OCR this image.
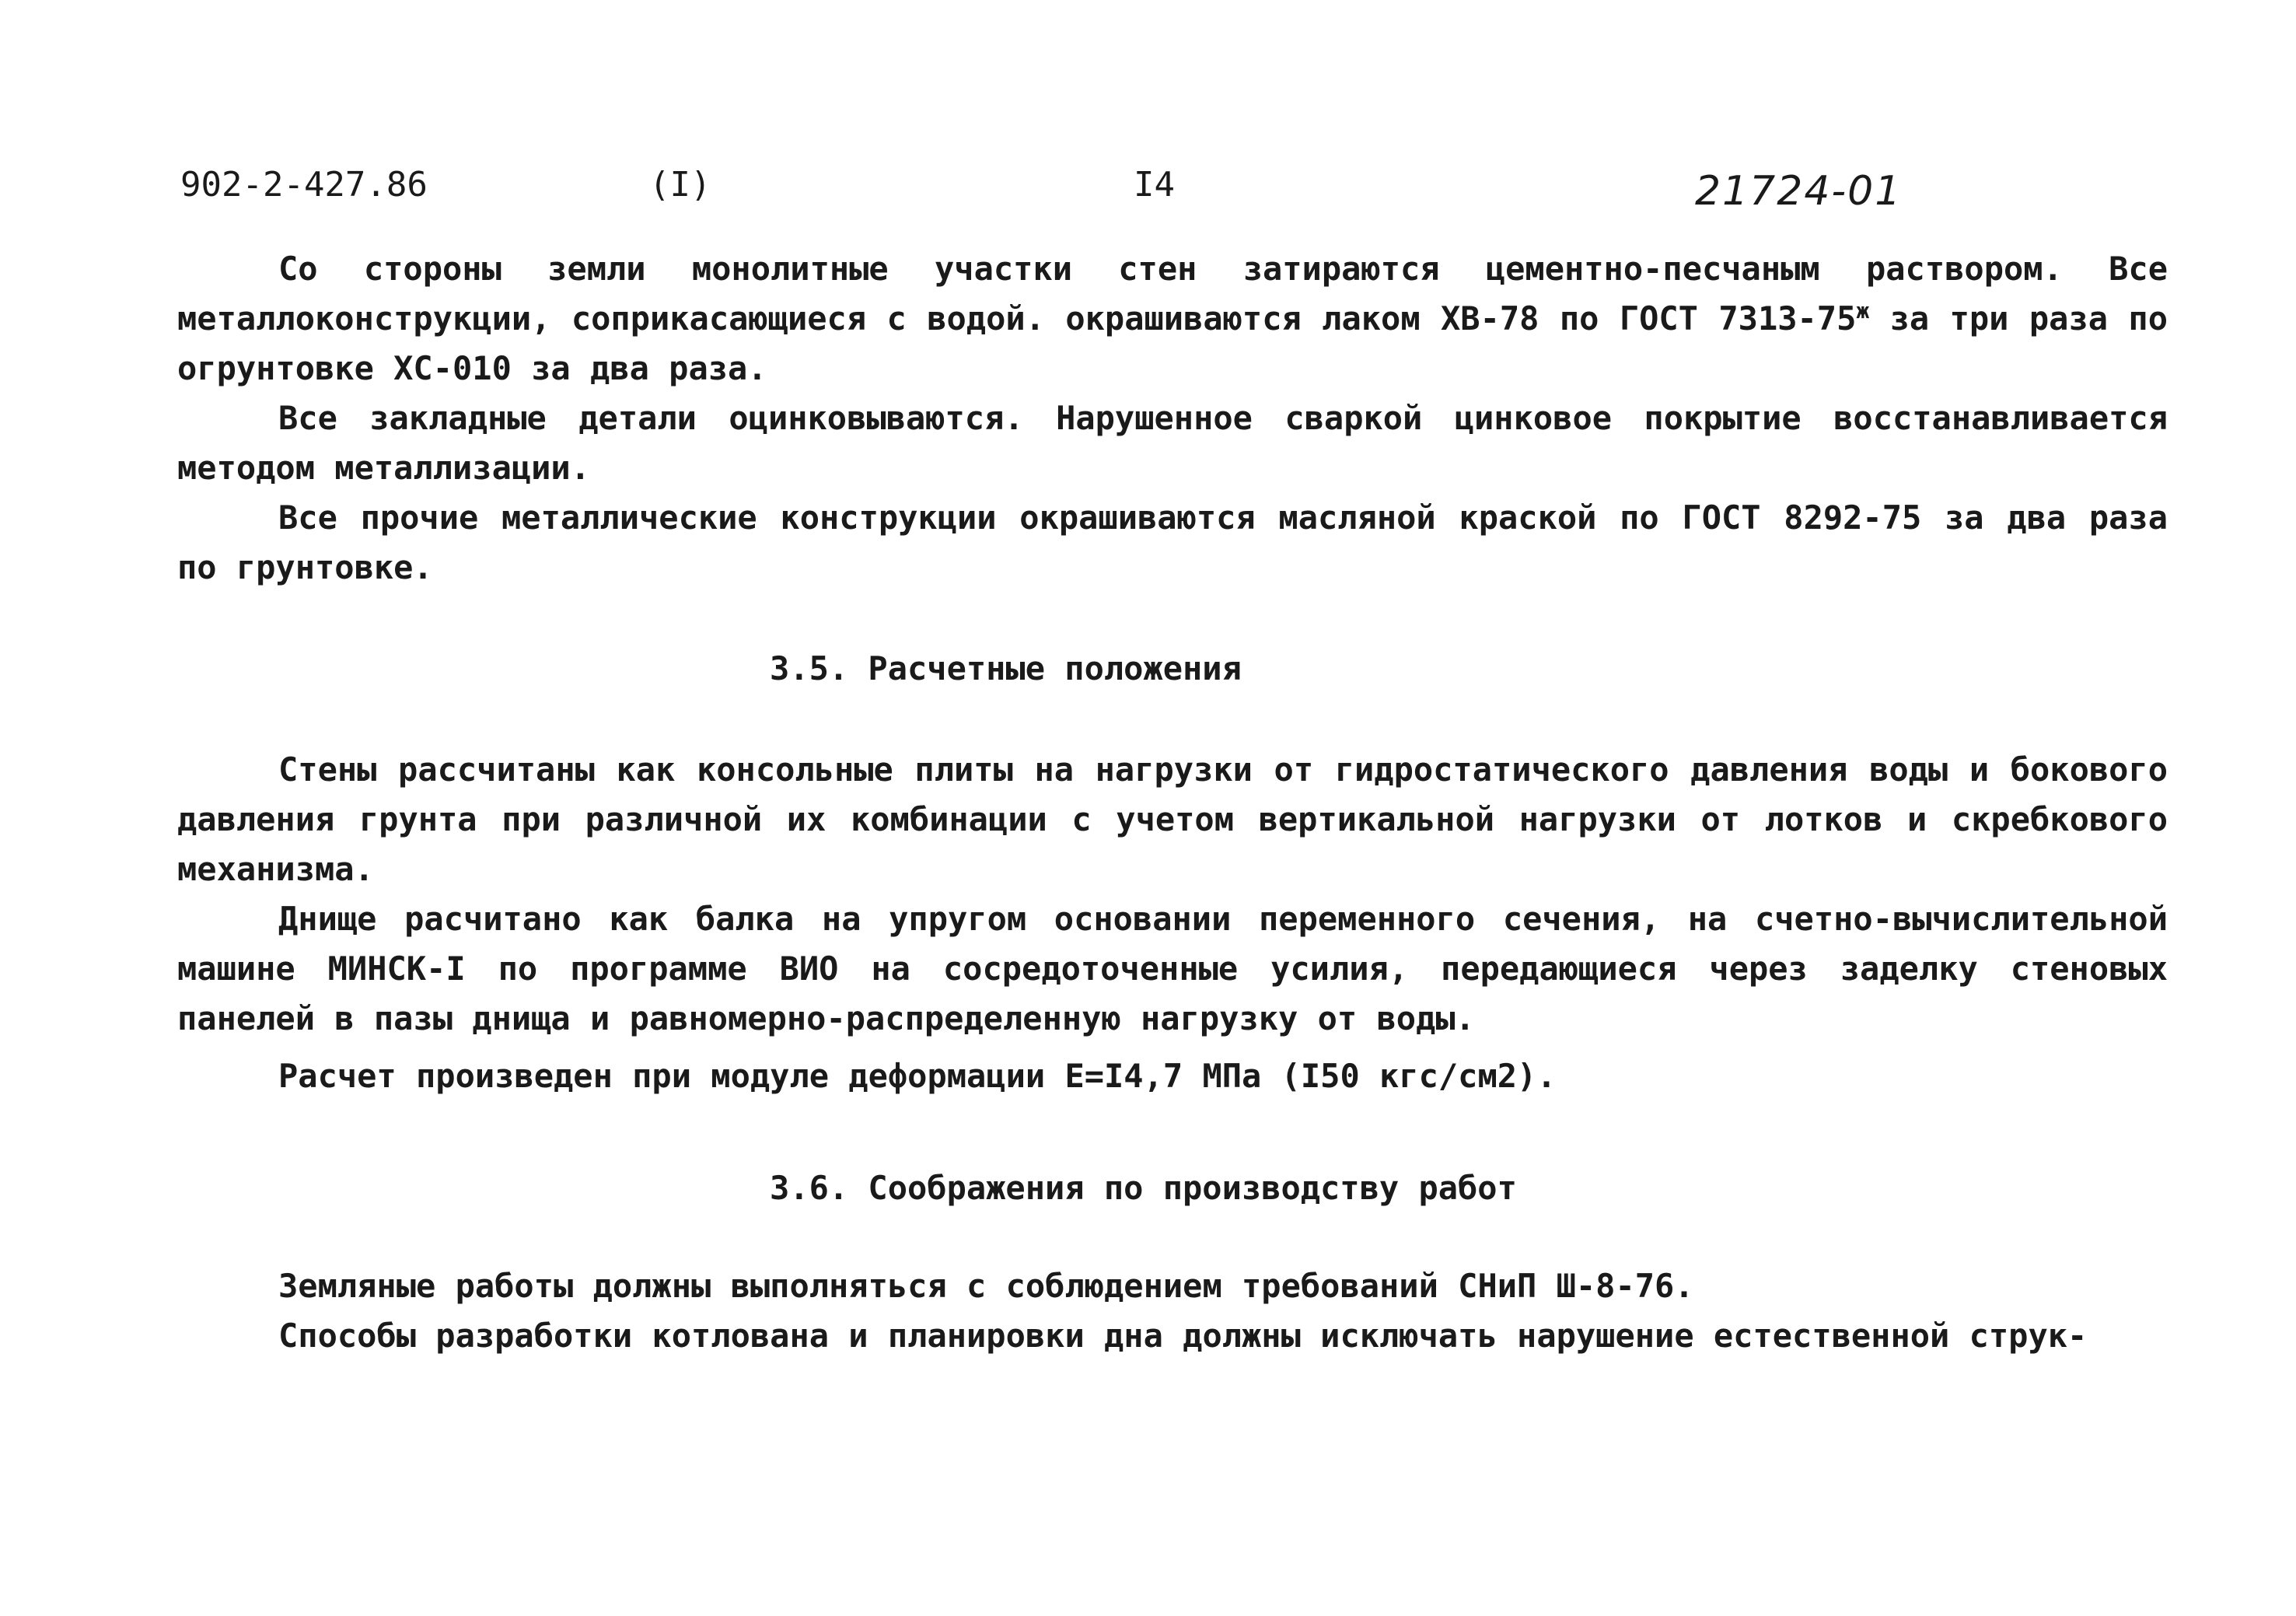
902-2-427.86	(I)	I4	21724-01

Со стороны земли монолитные участки стен затираются цементно-песчаным раствором. Все металлоконструкции, соприкасающиеся с водой. окрашиваются лаком ХВ-78 по ГОСТ $7313-75^ж$ за три раза по огрунтовке ХС-010 за два раза.

Все закладные детали оцинковываются. Нарушенное сваркой цинковое покрытие восстанавливается методом металлизации.

Все прочие металлические конструкции окрашиваются масляной краской по ГОСТ 8292-75 за два раза по грунтовке.

3.5. Расчетные положения

Стены рассчитаны как консольные плиты на нагрузки от гидростатического давления воды и бокового давления грунта при различной их комбинации с учетом вертикальной нагрузки от лотков и скребкового механизма.

Днище расчитано как балка на упругом основании переменного сечения, на счетно-вычислительной машине МИНСК-I по программе ВИО на сосредоточенные усилия, передающиеся через заделку стеновых панелей в пазы днища и равномерно-распределенную нагрузку от воды.

Расчет произведен при модуле деформации Е=I4,7 МПа (I50 кгс/см2).

3.6. Соображения по производству работ

Земляные работы должны выполняться с соблюдением требований СНиП Ш-8-76.

Способы разработки котлована и планировки дна должны исключать нарушение естественной струк-
